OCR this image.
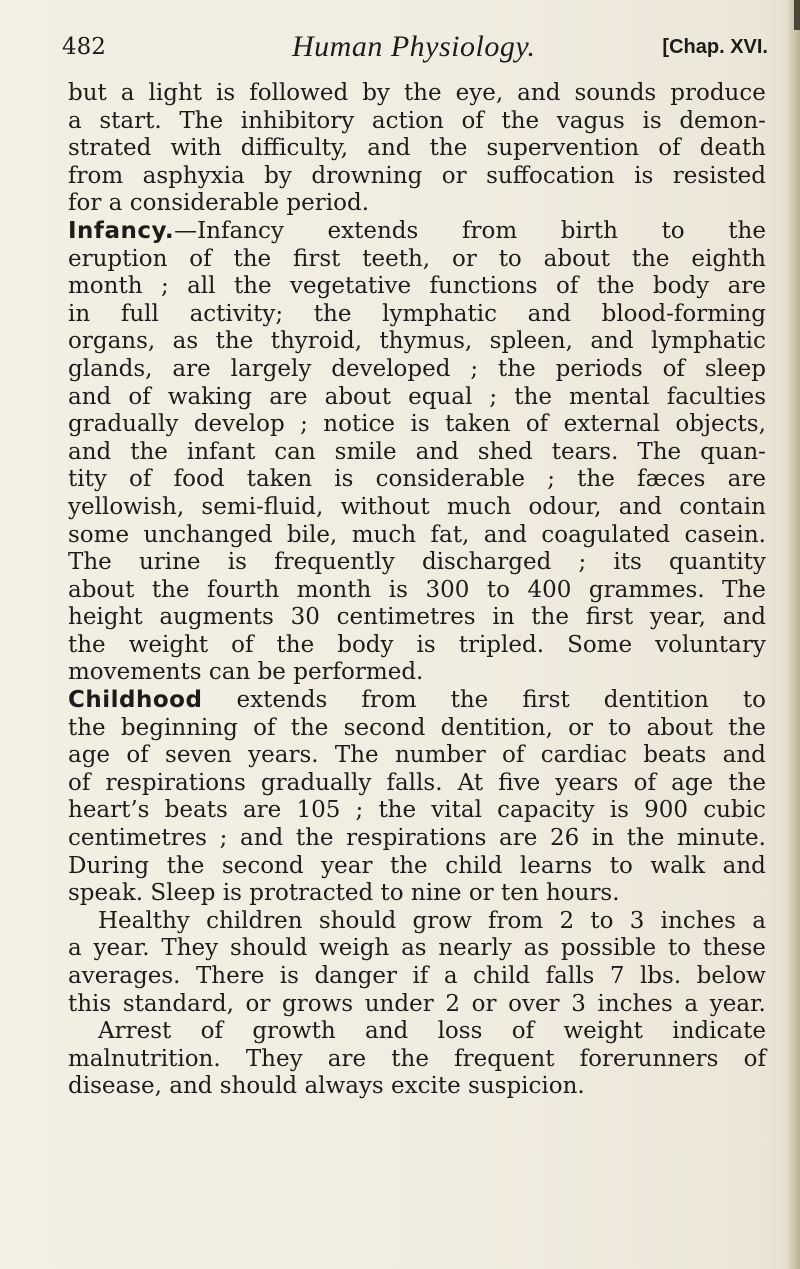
482	Human Physiology.	[Chap. XVI.
but a light is followed by the eye, and sounds produce
a start. The inhibitory action of the vagus is demon-
strated with difficulty, and the supervention of death
from asphyxia by drowning or suffocation is resisted
for a considerable period.
Infancy.—Infancy extends from birth to the
eruption of the first teeth, or to about the eighth
month ; all the vegetative functions of the body are
in full activity; the lymphatic and blood-forming
organs, as the thyroid, thymus, spleen, and lymphatic
glands, are largely developed ; the periods of sleep
and of waking are about equal ; the mental faculties
gradually develop ; notice is taken of external objects,
and the infant can smile and shed tears. The quan-
tity of food taken is considerable ; the fæces are
yellowish, semi-fluid, without much odour, and contain
some unchanged bile, much fat, and coagulated casein.
The urine is frequently discharged ; its quantity
about the fourth month is 300 to 400 grammes. The
height augments 30 centimetres in the first year, and
the weight of the body is tripled. Some voluntary
movements can be performed.
Childhood extends from the first dentition to
the beginning of the second dentition, or to about the
age of seven years. The number of cardiac beats and
of respirations gradually falls. At five years of age the
heart’s beats are 105 ; the vital capacity is 900 cubic
centimetres ; and the respirations are 26 in the minute.
During the second year the child learns to walk and
speak. Sleep is protracted to nine or ten hours.
Healthy children should grow from 2 to 3 inches a
a year. They should weigh as nearly as possible to these
averages. There is danger if a child falls 7 lbs. below
this standard, or grows under 2 or over 3 inches a year.
Arrest of growth and loss of weight indicate
malnutrition. They are the frequent forerunners of
disease, and should always excite suspicion.
